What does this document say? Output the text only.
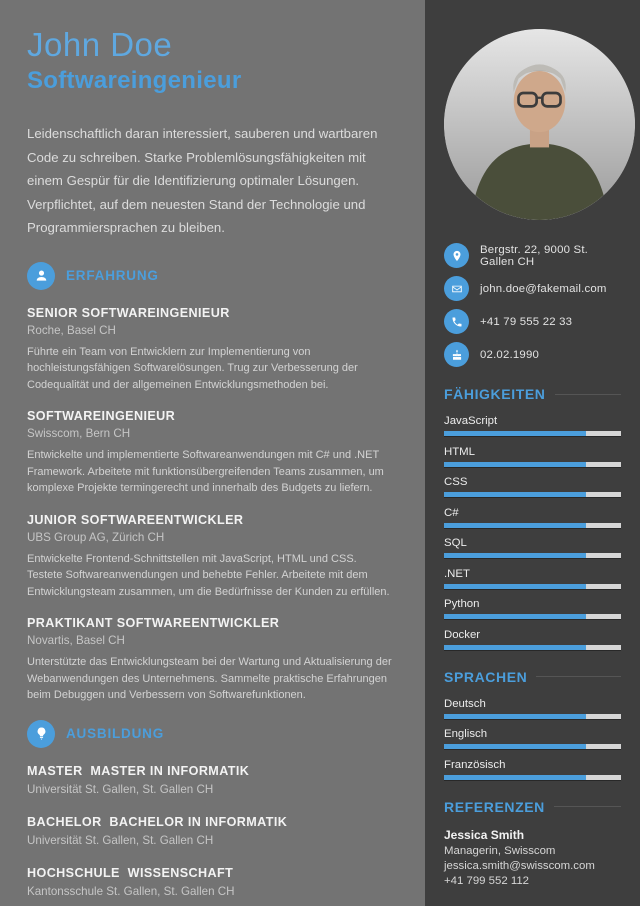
John Doe
Softwareingenieur

Leidenschaftlich daran interessiert, sauberen und wartbaren Code zu schreiben. Starke Problemlösungsfähigkeiten mit einem Gespür für die Identifizierung optimaler Lösungen. Verpflichtet, auf dem neuesten Stand der Technologie und Programmiersprachen zu bleiben.

ERFAHRUNG
SENIOR SOFTWAREINGENIEUR
Roche, Basel CH

Führte ein Team von Entwicklern zur Implementierung von hochleistungsfähigen Softwarelösungen. Trug zur Verbesserung der Codequalität und der allgemeinen Entwicklungsmethoden bei.

SOFTWAREINGENIEUR
Swisscom, Bern CH

Entwickelte und implementierte Softwareanwendungen mit C# und .NET Framework. Arbeitete mit funktionsübergreifenden Teams zusammen, um komplexe Projekte termingerecht und innerhalb des Budgets zu liefern.

JUNIOR SOFTWAREENTWICKLER
UBS Group AG, Zürich CH

Entwickelte Frontend-Schnittstellen mit JavaScript, HTML und CSS. Testete Softwareanwendungen und behebte Fehler. Arbeitete mit dem Entwicklungsteam zusammen, um die Bedürfnisse der Kunden zu erfüllen.

PRAKTIKANT SOFTWAREENTWICKLER
Novartis, Basel CH

Unterstützte das Entwicklungsteam bei der Wartung und Aktualisierung der Webanwendungen des Unternehmens. Sammelte praktische Erfahrungen beim Debuggen und Verbessern von Softwarefunktionen.

AUSBILDUNG
MASTER  MASTER IN INFORMATIK
Universität St. Gallen, St. Gallen CH
BACHELOR  BACHELOR IN INFORMATIK
Universität St. Gallen, St. Gallen CH
HOCHSCHULE  WISSENSCHAFT
Kantonsschule St. Gallen, St. Gallen CH
Bergstr. 22, 9000 St. Gallen CH
john.doe@fakemail.com
+41 79 555 22 33
02.02.1990
FÄHIGKEITEN
JavaScript
HTML
CSS
C#
SQL
.NET
Python
Docker
SPRACHEN
Deutsch
Englisch
Französisch
REFERENZEN
Jessica Smith
Managerin, Swisscom
jessica.smith@swisscom.com
+41 799 552 112
